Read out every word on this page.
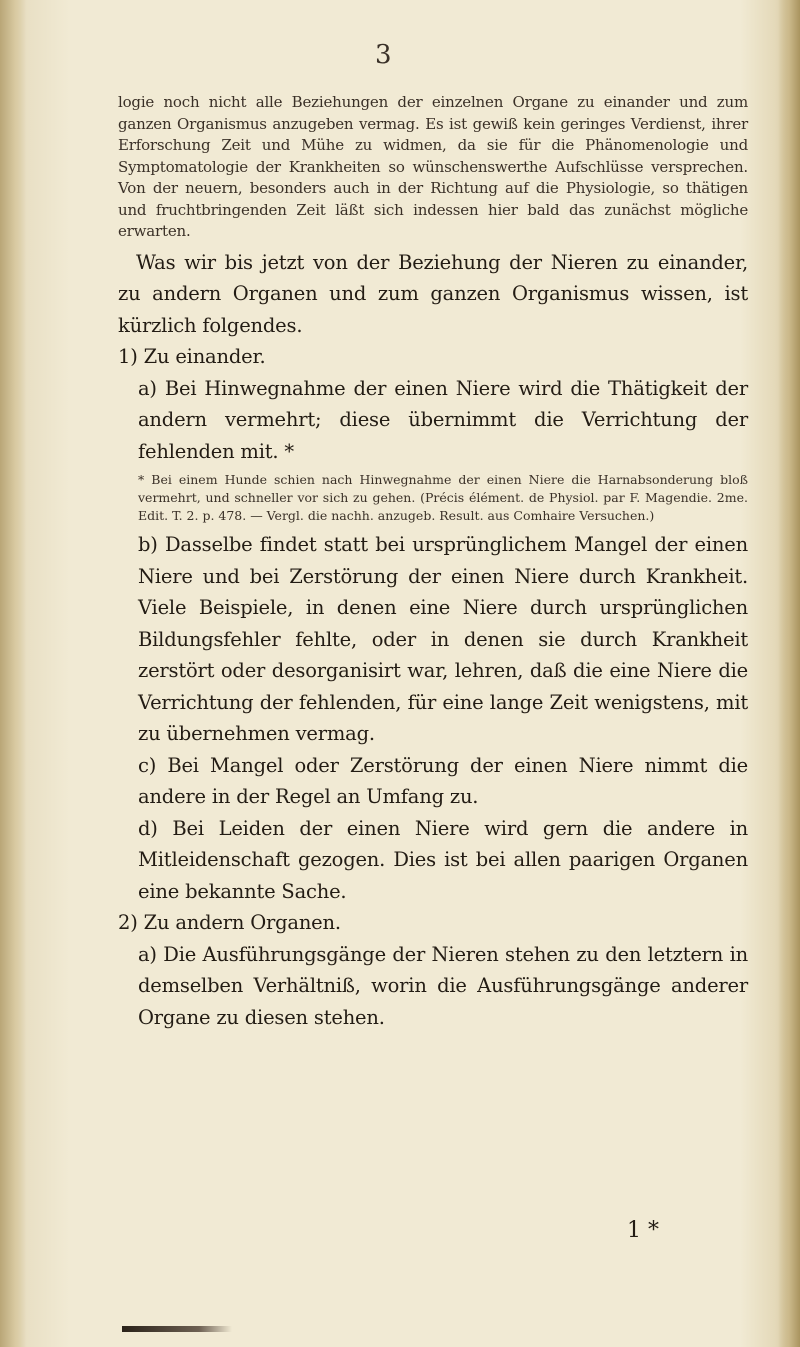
3

logie noch nicht alle Beziehungen der einzelnen Organe zu einander und zum ganzen Organismus anzugeben vermag. Es ist gewiß kein geringes Verdienst, ihrer Erforschung Zeit und Mühe zu widmen, da sie für die Phänomenologie und Symptomatologie der Krankheiten so wünschenswerthe Aufschlüsse versprechen. Von der neuern, besonders auch in der Richtung auf die Physiologie, so thätigen und fruchtbringenden Zeit läßt sich indessen hier bald das zunächst mögliche erwarten.

Was wir bis jetzt von der Beziehung der Nieren zu einander, zu andern Organen und zum ganzen Organismus wissen, ist kürzlich folgendes.

1) Zu einander.

a) Bei Hinwegnahme der einen Niere wird die Thätigkeit der andern vermehrt; diese übernimmt die Verrichtung der fehlenden mit. *

* Bei einem Hunde schien nach Hinwegnahme der einen Niere die Harnabsonderung bloß vermehrt, und schneller vor sich zu gehen. (Précis élément. de Physiol. par F. Magendie. 2me. Edit. T. 2. p. 478. — Vergl. die nachh. anzugeb. Result. aus Comhaire Versuchen.)

b) Dasselbe findet statt bei ursprünglichem Mangel der einen Niere und bei Zerstörung der einen Niere durch Krankheit. Viele Beispiele, in denen eine Niere durch ursprünglichen Bildungsfehler fehlte, oder in denen sie durch Krankheit zerstört oder desorganisirt war, lehren, daß die eine Niere die Verrichtung der fehlenden, für eine lange Zeit wenigstens, mit zu übernehmen vermag.

c) Bei Mangel oder Zerstörung der einen Niere nimmt die andere in der Regel an Umfang zu.

d) Bei Leiden der einen Niere wird gern die andere in Mitleidenschaft gezogen. Dies ist bei allen paarigen Organen eine bekannte Sache.

2) Zu andern Organen.

a) Die Ausführungsgänge der Nieren stehen zu den letztern in demselben Verhältniß, worin die Ausführungsgänge anderer Organe zu diesen stehen.

1 *
